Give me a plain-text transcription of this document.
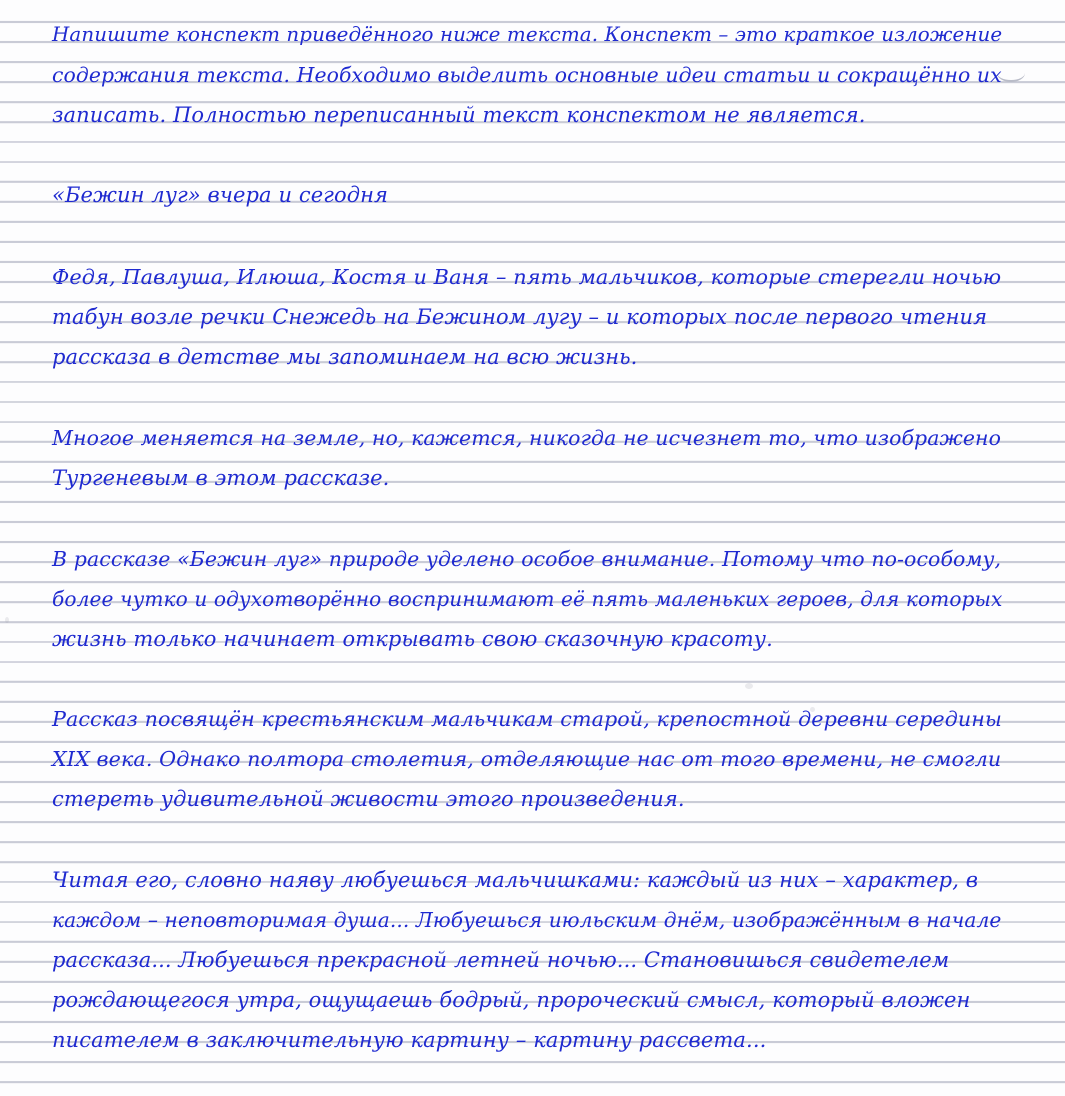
Напишите конспект приведённого ниже текста. Конспект – это краткое изложение
содержания текста. Необходимо выделить основные идеи статьи и сокращённо их
записать. Полностью переписанный текст конспектом не является.
«Бежин луг» вчера и сегодня
Федя, Павлуша, Илюша, Костя и Ваня – пять мальчиков, которые стерегли ночью
табун возле речки Снежедь на Бежином лугу – и которых после первого чтения
рассказа в детстве мы запоминаем на всю жизнь.
Многое меняется на земле, но, кажется, никогда не исчезнет то, что изображено
Тургеневым в этом рассказе.
В рассказе «Бежин луг» природе уделено особое внимание. Потому что по-особому,
более чутко и одухотворённо воспринимают её пять маленьких героев, для которых
жизнь только начинает открывать свою сказочную красоту.
Рассказ посвящён крестьянским мальчикам старой, крепостной деревни середины
XIX века. Однако полтора столетия, отделяющие нас от того времени, не смогли
стереть удивительной живости этого произведения.
Читая его, словно наяву любуешься мальчишками: каждый из них – характер, в
каждом – неповторимая душа... Любуешься июльским днём, изображённым в начале
рассказа... Любуешься прекрасной летней ночью... Становишься свидетелем
рождающегося утра, ощущаешь бодрый, пророческий смысл, который вложен
писателем в заключительную картину – картину рассвета...
